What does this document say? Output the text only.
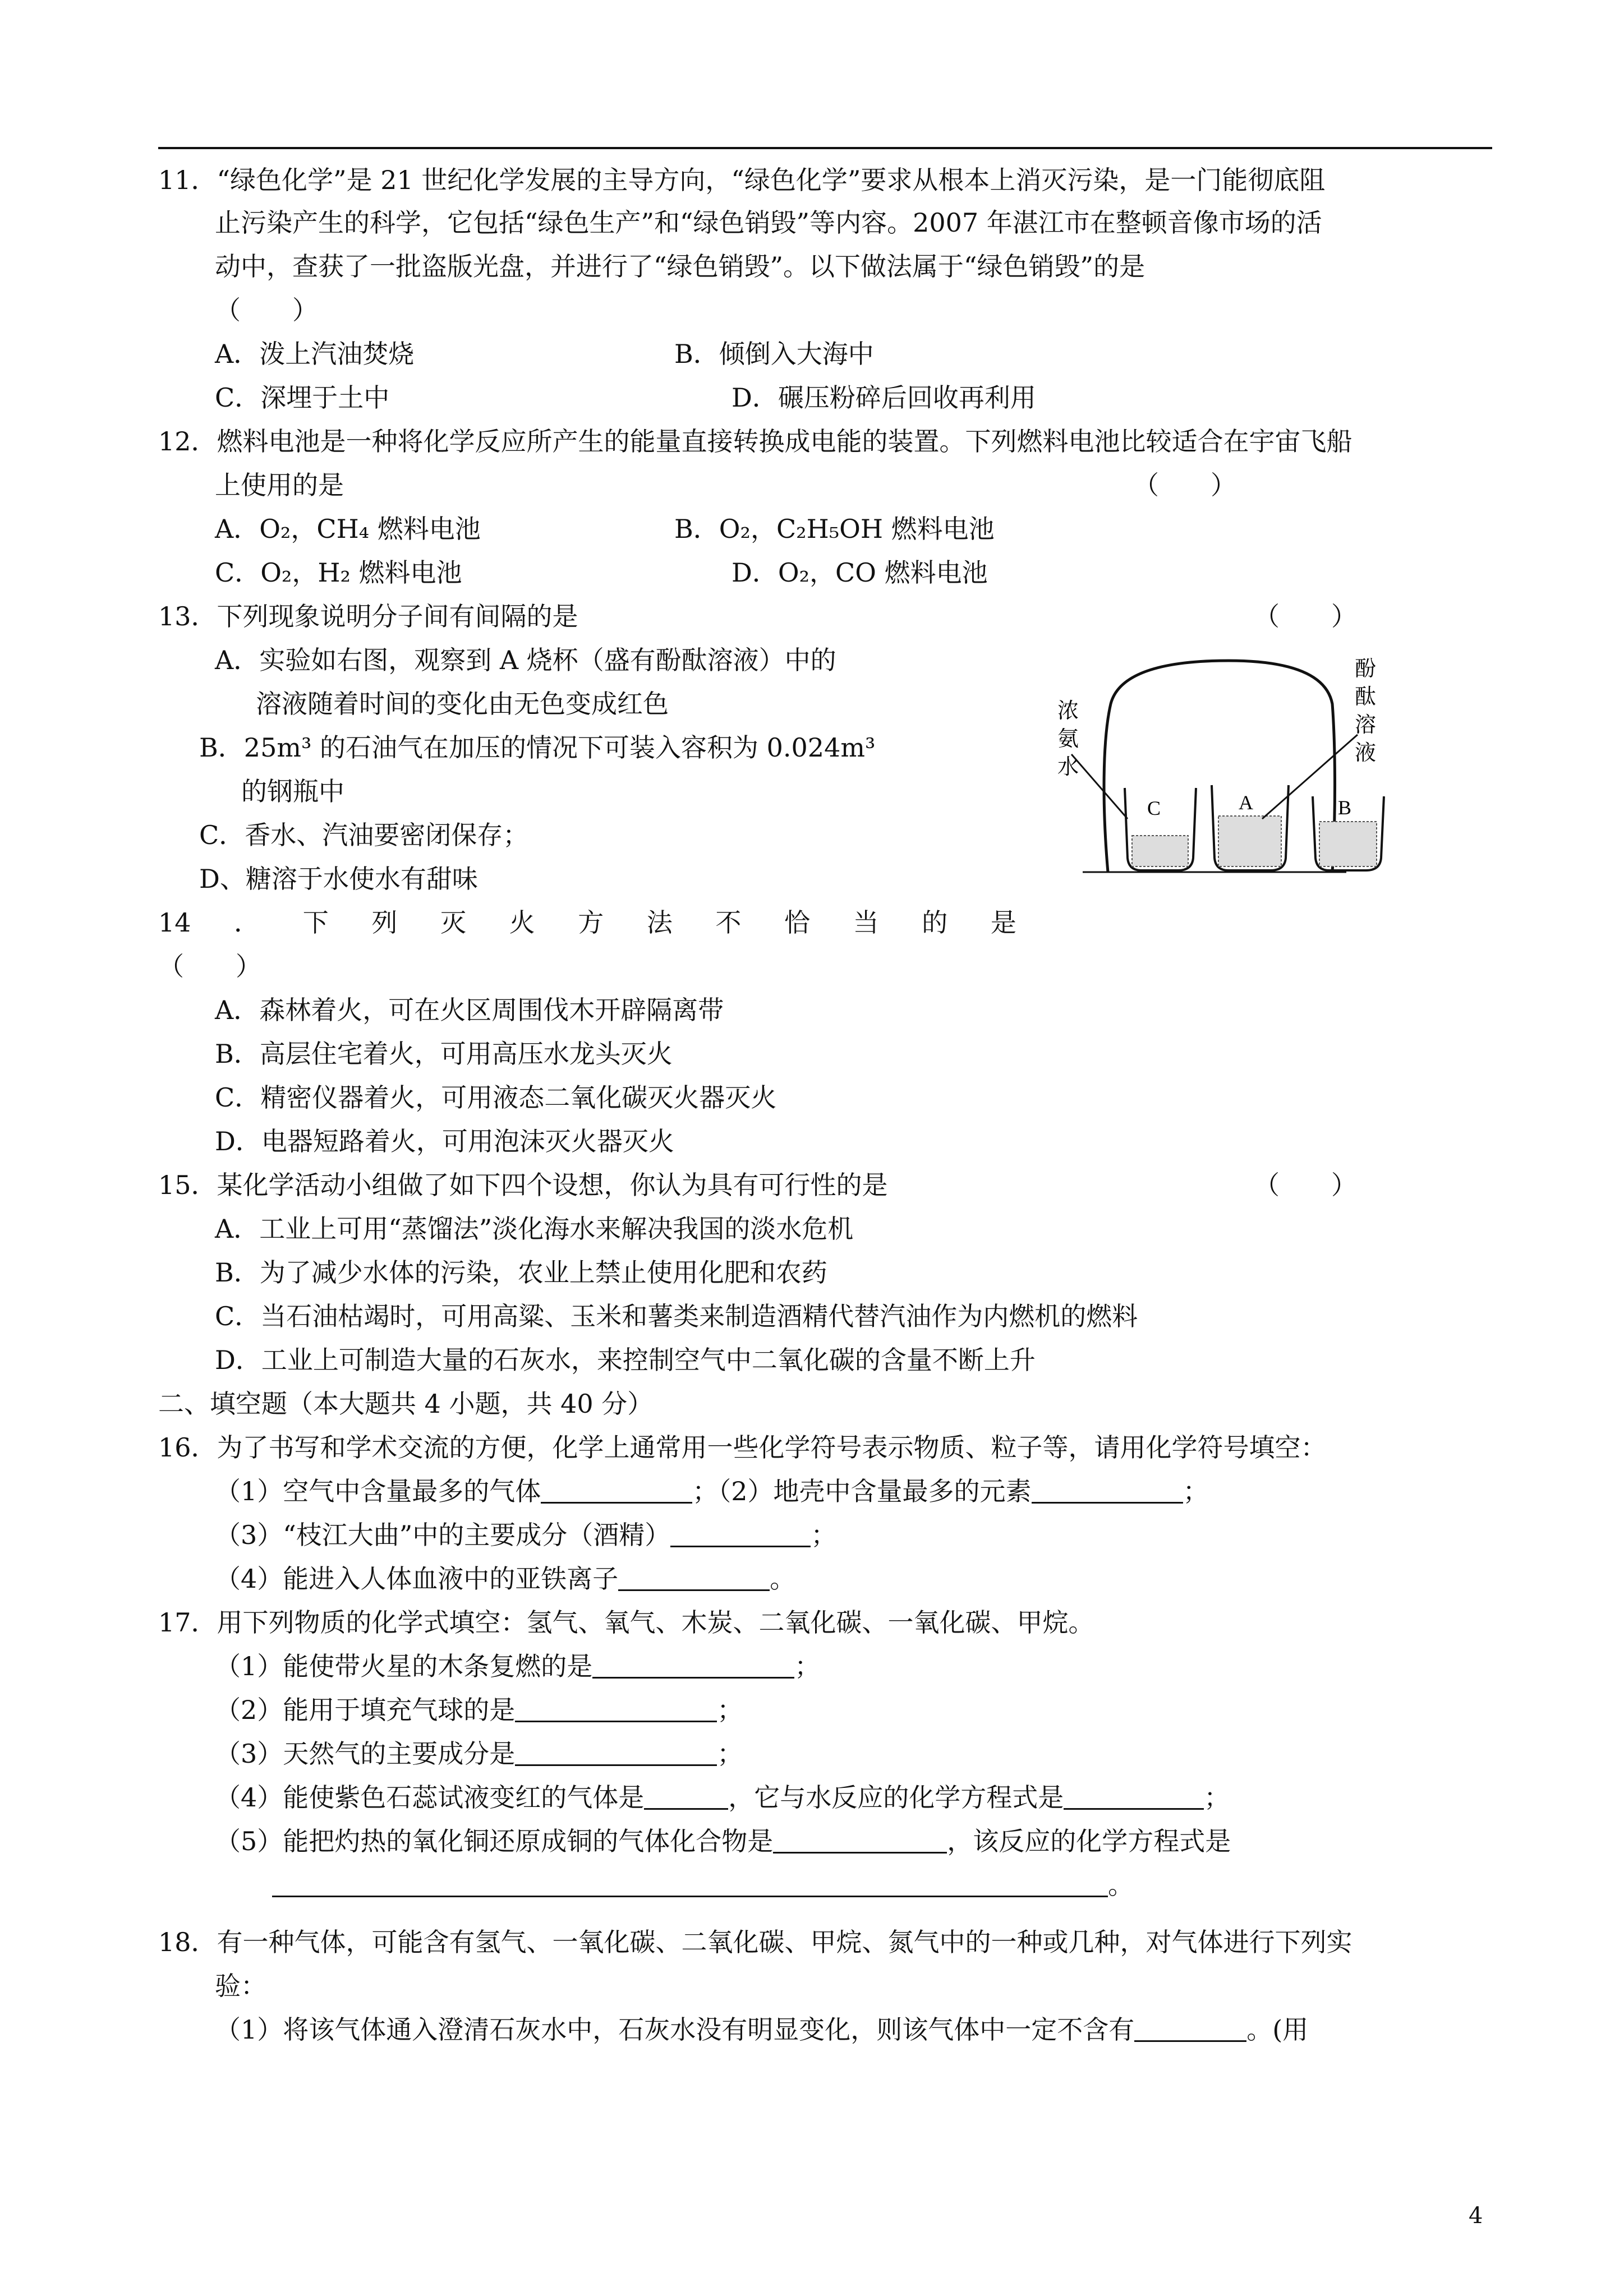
11．“绿色化学”是 21 世纪化学发展的主导方向，“绿色化学”要求从根本上消灭污染，是一门能彻底阻
止污染产生的科学，它包括“绿色生产”和“绿色销毁”等内容。2007 年湛江市在整顿音像市场的活
动中，查获了一批盗版光盘，并进行了“绿色销毁”。以下做法属于“绿色销毁”的是
（　　）
A．泼上汽油焚烧	B．倾倒入大海中
C．深埋于土中	D．碾压粉碎后回收再利用
12．燃料电池是一种将化学反应所产生的能量直接转换成电能的装置。下列燃料电池比较适合在宇宙飞船
上使用的是	（　　）
A．O₂，CH₄ 燃料电池	B．O₂，C₂H₅OH 燃料电池
C．O₂，H₂ 燃料电池	D．O₂，CO 燃料电池
13．下列现象说明分子间有间隔的是	（　　）
A．实验如右图，观察到 A 烧杯（盛有酚酞溶液）中的
溶液随着时间的变化由无色变成红色
B．25m³ 的石油气在加压的情况下可装入容积为 0.024m³
的钢瓶中
C．香水、汽油要密闭保存；
D、糖溶于水使水有甜味
C	A	B
浓
氨
水
酚
酞
溶
液
14 ． 下 列 灭 火 方 法 不 恰 当 的 是
（　　）
A．森林着火，可在火区周围伐木开辟隔离带
B．高层住宅着火，可用高压水龙头灭火
C．精密仪器着火，可用液态二氧化碳灭火器灭火
D．电器短路着火，可用泡沫灭火器灭火
15．某化学活动小组做了如下四个设想，你认为具有可行性的是	（　　）
A．工业上可用“蒸馏法”淡化海水来解决我国的淡水危机
B．为了减少水体的污染，农业上禁止使用化肥和农药
C．当石油枯竭时，可用高粱、玉米和薯类来制造酒精代替汽油作为内燃机的燃料
D．工业上可制造大量的石灰水，来控制空气中二氧化碳的含量不断上升
二、填空题（本大题共 4 小题，共 40 分）
16．为了书写和学术交流的方便，化学上通常用一些化学符号表示物质、粒子等，请用化学符号填空：
（1）空气中含量最多的气体	；（2）地壳中含量最多的元素	；
（3）“枝江大曲”中的主要成分（酒精）	；
（4）能进入人体血液中的亚铁离子	。
17．用下列物质的化学式填空：氢气、氧气、木炭、二氧化碳、一氧化碳、甲烷。
（1）能使带火星的木条复燃的是	；
（2）能用于填充气球的是	；
（3）天然气的主要成分是	；
（4）能使紫色石蕊试液变红的气体是	，它与水反应的化学方程式是	；
（5）能把灼热的氧化铜还原成铜的气体化合物是	，该反应的化学方程式是
。
18．有一种气体，可能含有氢气、一氧化碳、二氧化碳、甲烷、氮气中的一种或几种，对气体进行下列实
验：
（1）将该气体通入澄清石灰水中，石灰水没有明显变化，则该气体中一定不含有	。(用
4
